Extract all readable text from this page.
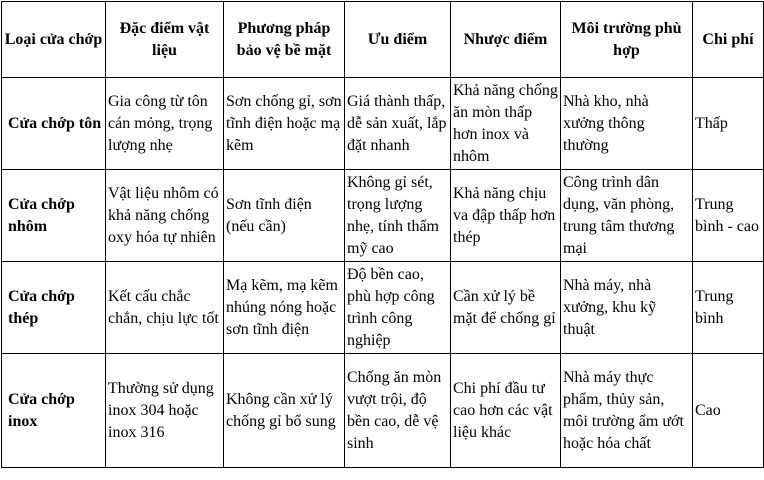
Loại cửa chớp	Đặc điểm vật liệu	Phương pháp bảo vệ bề mặt	Ưu điểm	Nhược điểm	Môi trường phù hợp	Chi phí
Cửa chớp tôn	Gia công từ tôn cán mỏng, trọng lượng nhẹ	Sơn chống gỉ, sơn tĩnh điện hoặc mạ kẽm	Giá thành thấp, dễ sản xuất, lắp đặt nhanh	Khả năng chống ăn mòn thấp hơn inox và nhôm	Nhà kho, nhà xưởng thông thường	Thấp
Cửa chớp nhôm	Vật liệu nhôm có khả năng chống oxy hóa tự nhiên	Sơn tĩnh điện (nếu cần)	Không gỉ sét, trọng lượng nhẹ, tính thẩm mỹ cao	Khả năng chịu va đập thấp hơn thép	Công trình dân dụng, văn phòng, trung tâm thương mại	Trung bình - cao
Cửa chớp thép	Kết cấu chắc chắn, chịu lực tốt	Mạ kẽm, mạ kẽm nhúng nóng hoặc sơn tĩnh điện	Độ bền cao, phù hợp công trình công nghiệp	Cần xử lý bề mặt để chống gỉ	Nhà máy, nhà xưởng, khu kỹ thuật	Trung bình
Cửa chớp inox	Thường sử dụng inox 304 hoặc inox 316	Không cần xử lý chống gỉ bổ sung	Chống ăn mòn vượt trội, độ bền cao, dễ vệ sinh	Chi phí đầu tư cao hơn các vật liệu khác	Nhà máy thực phẩm, thủy sản, môi trường ẩm ướt hoặc hóa chất	Cao
